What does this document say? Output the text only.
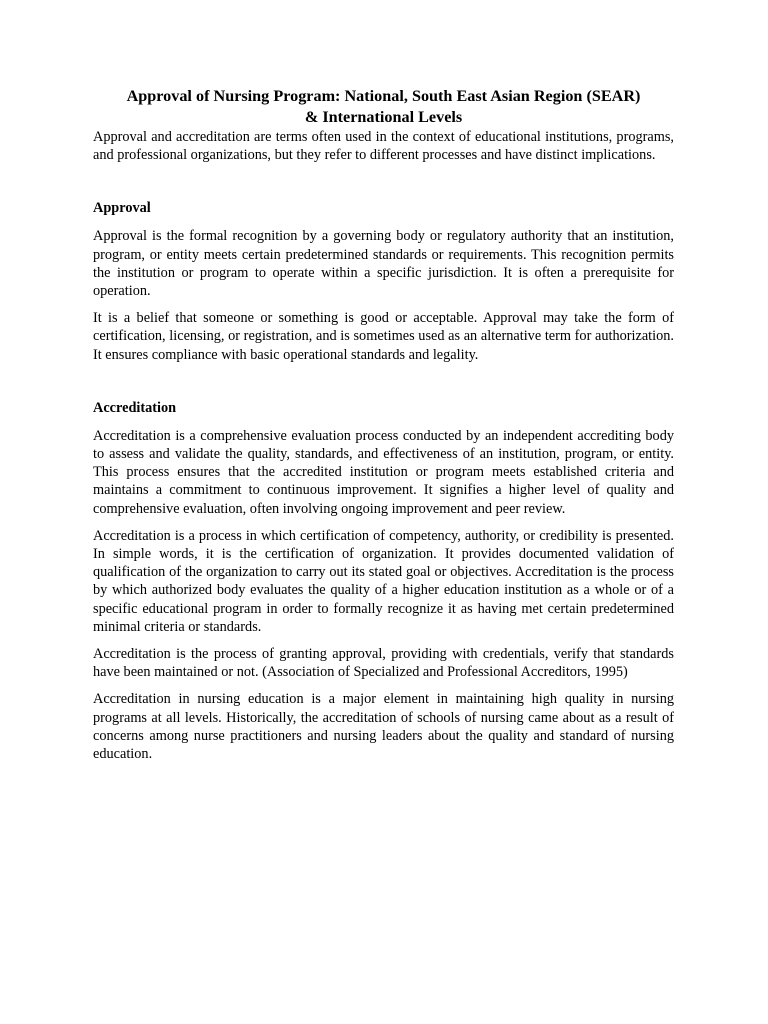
Approval of Nursing Program: National, South East Asian Region (SEAR)
& International Levels

Approval and accreditation are terms often used in the context of educational institutions, programs, and professional organizations, but they refer to different processes and have distinct implications.

Approval

Approval is the formal recognition by a governing body or regulatory authority that an institution, program, or entity meets certain predetermined standards or requirements. This recognition permits the institution or program to operate within a specific jurisdiction. It is often a prerequisite for operation.

It is a belief that someone or something is good or acceptable. Approval may take the form of certification, licensing, or registration, and is sometimes used as an alternative term for authorization. It ensures compliance with basic operational standards and legality.

Accreditation

Accreditation is a comprehensive evaluation process conducted by an independent accrediting body to assess and validate the quality, standards, and effectiveness of an institution, program, or entity. This process ensures that the accredited institution or program meets established criteria and maintains a commitment to continuous improvement. It signifies a higher level of quality and comprehensive evaluation, often involving ongoing improvement and peer review.

Accreditation is a process in which certification of competency, authority, or credibility is presented. In simple words, it is the certification of organization. It provides documented validation of qualification of the organization to carry out its stated goal or objectives. Accreditation is the process by which authorized body evaluates the quality of a higher education institution as a whole or of a specific educational program in order to formally recognize it as having met certain predetermined minimal criteria or standards.

Accreditation is the process of granting approval, providing with credentials, verify that standards have been maintained or not. (Association of Specialized and Professional Accreditors, 1995)

Accreditation in nursing education is a major element in maintaining high quality in nursing programs at all levels. Historically, the accreditation of schools of nursing came about as a result of concerns among nurse practitioners and nursing leaders about the quality and standard of nursing education.
